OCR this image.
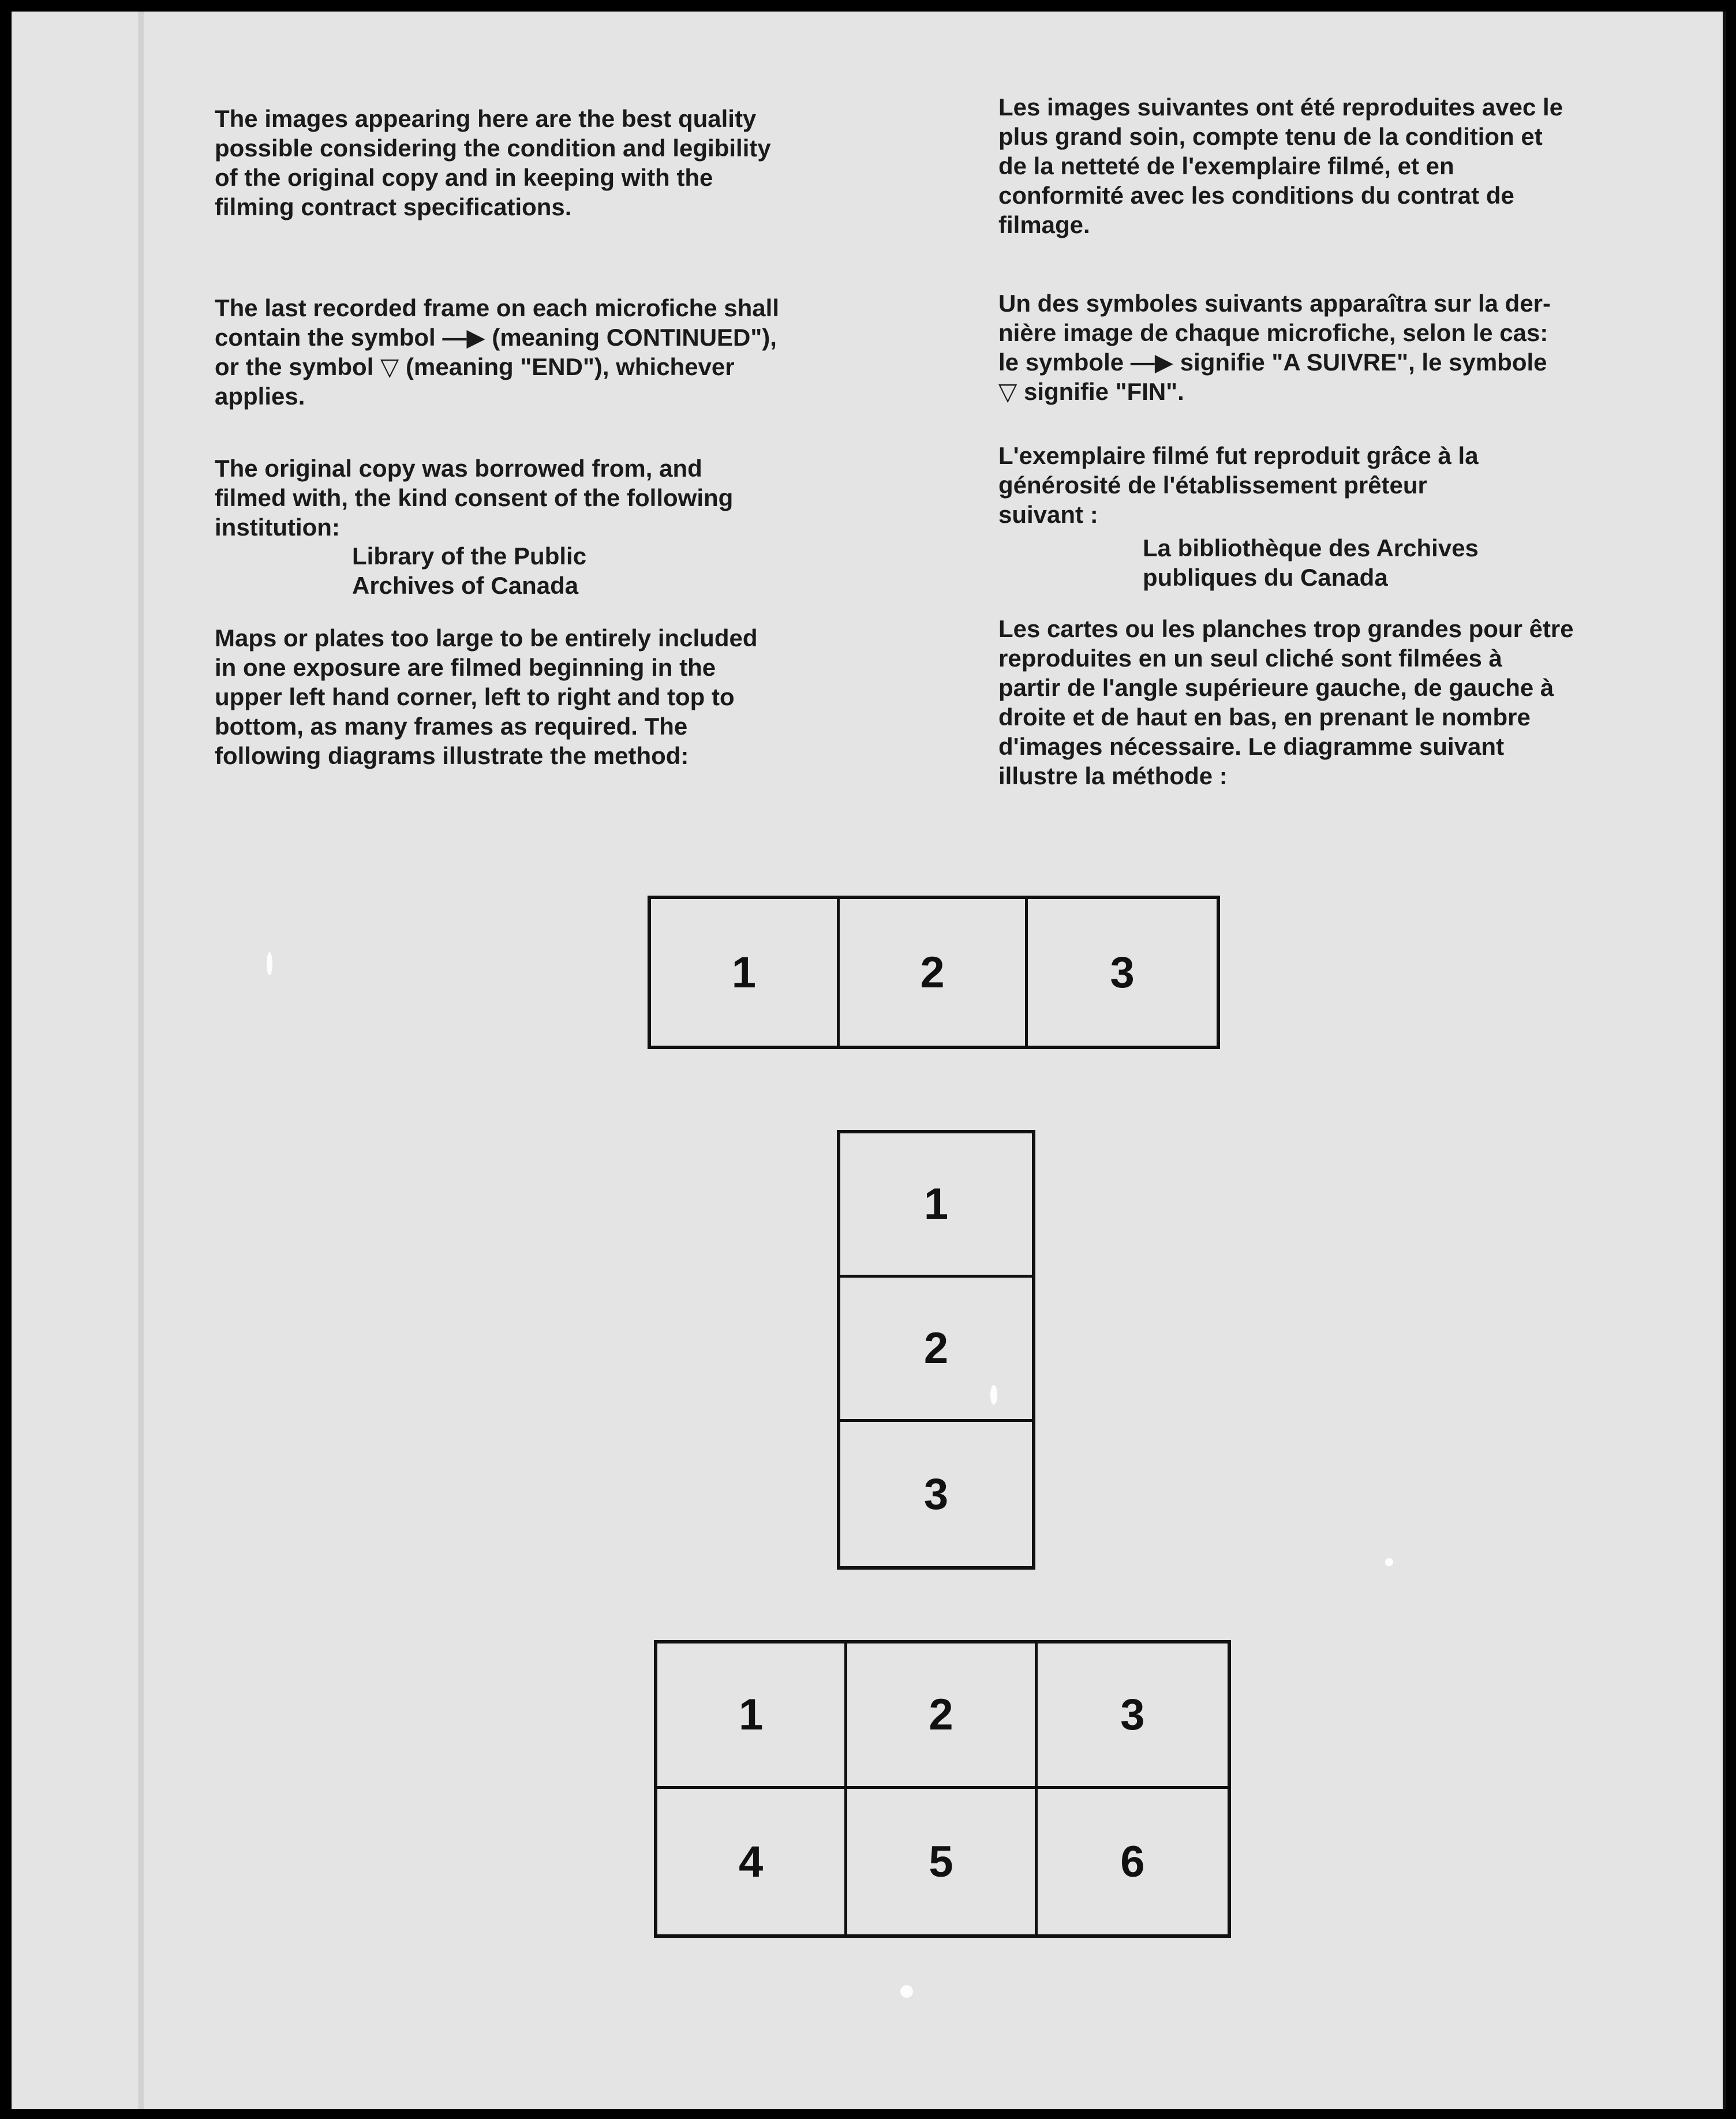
The images appearing here are the best quality
possible considering the condition and legibility
of the original copy and in keeping with the
filming contract specifications.

The last recorded frame on each microfiche shall
contain the symbol —▶ (meaning CONTINUED"),
or the symbol ▽ (meaning "END"), whichever
applies.

The original copy was borrowed from, and
filmed with, the kind consent of the following
institution:

Library of the Public
Archives of Canada

Maps or plates too large to be entirely included
in one exposure are filmed beginning in the
upper left hand corner, left to right and top to
bottom, as many frames as required. The
following diagrams illustrate the method:

Les images suivantes ont été reproduites avec le
plus grand soin, compte tenu de la condition et
de la netteté de l'exemplaire filmé, et en
conformité avec les conditions du contrat de
filmage.

Un des symboles suivants apparaîtra sur la der-
nière image de chaque microfiche, selon le cas:
le symbole —▶ signifie "A SUIVRE", le symbole
▽ signifie "FIN".

L'exemplaire filmé fut reproduit grâce à la
générosité de l'établissement prêteur
suivant :

La bibliothèque des Archives
publiques du Canada

Les cartes ou les planches trop grandes pour être
reproduites en un seul cliché sont filmées à
partir de l'angle supérieure gauche, de gauche à
droite et de haut en bas, en prenant le nombre
d'images nécessaire. Le diagramme suivant
illustre la méthode :

1	2	3
1
2
3
1	2	3
4	5	6
